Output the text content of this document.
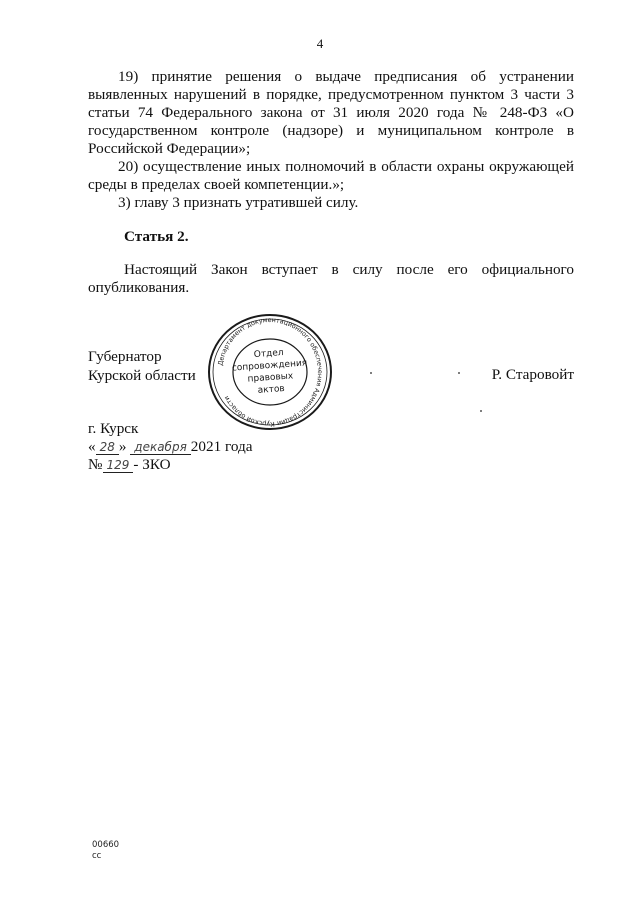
4

19) принятие решения о выдаче предписания об устранении выявленных нарушений в порядке, предусмотренном пунктом 3 части 3 статьи 74 Федерального закона от 31 июля 2020 года № 248-ФЗ «О государственном контроле (надзоре) и муниципальном контроле в Российской Федерации»;

20) осуществление иных полномочий в области охраны окружающей среды в пределах своей компетенции.»;

3) главу 3 признать утратившей силу.

Статья 2.

Настоящий Закон вступает в силу после его официального опубликования.

Губернатор
Курской области
Департамент документационного обеспечения Администрации Курской области
Отдел
сопровождения
правовых
актов
Р. Старовойт
г. Курск
« 28 » декабря 2021 года
№ 129 - ЗКО
00660
cc
